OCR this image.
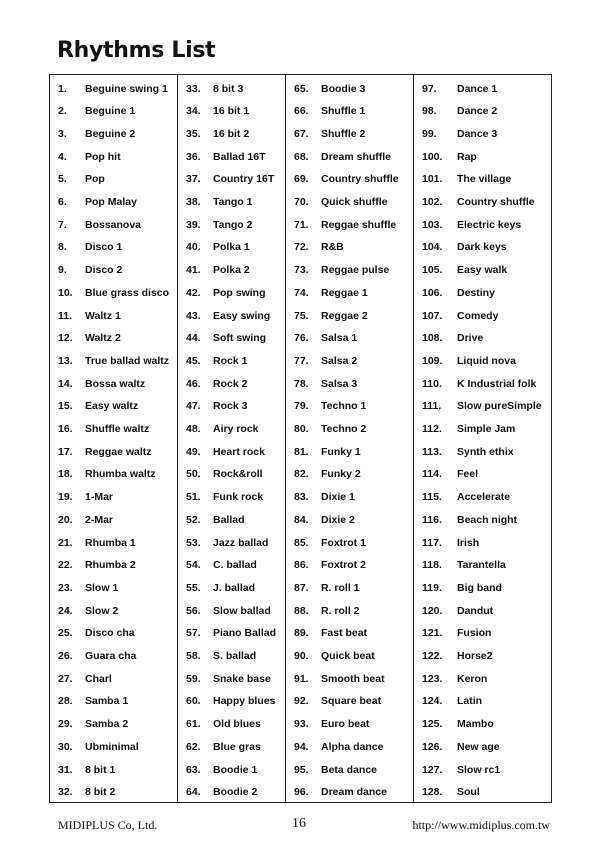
Rhythms List
1. Beguine swing 1
2. Beguine 1
3. Beguine 2
4. Pop hit
5. Pop
6. Pop Malay
7. Bossanova
8. Disco 1
9. Disco 2
10. Blue grass disco
11. Waltz 1
12. Waltz 2
13. True ballad waltz
14. Bossa waltz
15. Easy waltz
16. Shuffle waltz
17. Reggae waltz
18. Rhumba waltz
19. 1-Mar
20. 2-Mar
21. Rhumba 1
22. Rhumba 2
23. Slow 1
24. Slow 2
25. Disco cha
26. Guara cha
27. Charl
28. Samba 1
29. Samba 2
30. Ubminimal
31. 8 bit 1
32. 8 bit 2
33. 8 bit 3
34. 16 bit 1
35. 16 bit 2
36. Ballad 16T
37. Country 16T
38. Tango 1
39. Tango 2
40. Polka 1
41. Polka 2
42. Pop swing
43. Easy swing
44. Soft swing
45. Rock 1
46. Rock 2
47. Rock 3
48. Airy rock
49. Heart rock
50. Rock&roll
51. Funk rock
52. Ballad
53. Jazz ballad
54. C. ballad
55. J. ballad
56. Slow ballad
57. Piano Ballad
58. S. ballad
59. Snake base
60. Happy blues
61. Old blues
62. Blue gras
63. Boodie 1
64. Boodie 2
65. Boodie 3
66. Shuffle 1
67. Shuffle 2
68. Dream shuffle
69. Country shuffle
70. Quick shuffle
71. Reggae shuffle
72. R&B
73. Reggae pulse
74. Reggae 1
75. Reggae 2
76. Salsa 1
77. Salsa 2
78. Salsa 3
79. Techno 1
80. Techno 2
81. Funky 1
82. Funky 2
83. Dixie 1
84. Dixie 2
85. Foxtrot 1
86. Foxtrot 2
87. R. roll 1
88. R. roll 2
89. Fast beat
90. Quick beat
91. Smooth beat
92. Square beat
93. Euro beat
94. Alpha dance
95. Beta dance
96. Dream dance
97. Dance 1
98. Dance 2
99. Dance 3
100. Rap
101. The village
102. Country shuffle
103. Electric keys
104. Dark keys
105. Easy walk
106. Destiny
107. Comedy
108. Drive
109. Liquid nova
110. K Industrial folk
111. Slow pureSimple
112. Simple Jam
113. Synth ethix
114. Feel
115. Accelerate
116. Beach night
117. Irish
118. Tarantella
119. Big band
120. Dandut
121. Fusion
122. Horse2
123. Keron
124. Latin
125. Mambo
126. New age
127. Slow rc1
128. Soul
MIDIPLUS Co, Ltd.	16	http://www.midiplus.com.tw
